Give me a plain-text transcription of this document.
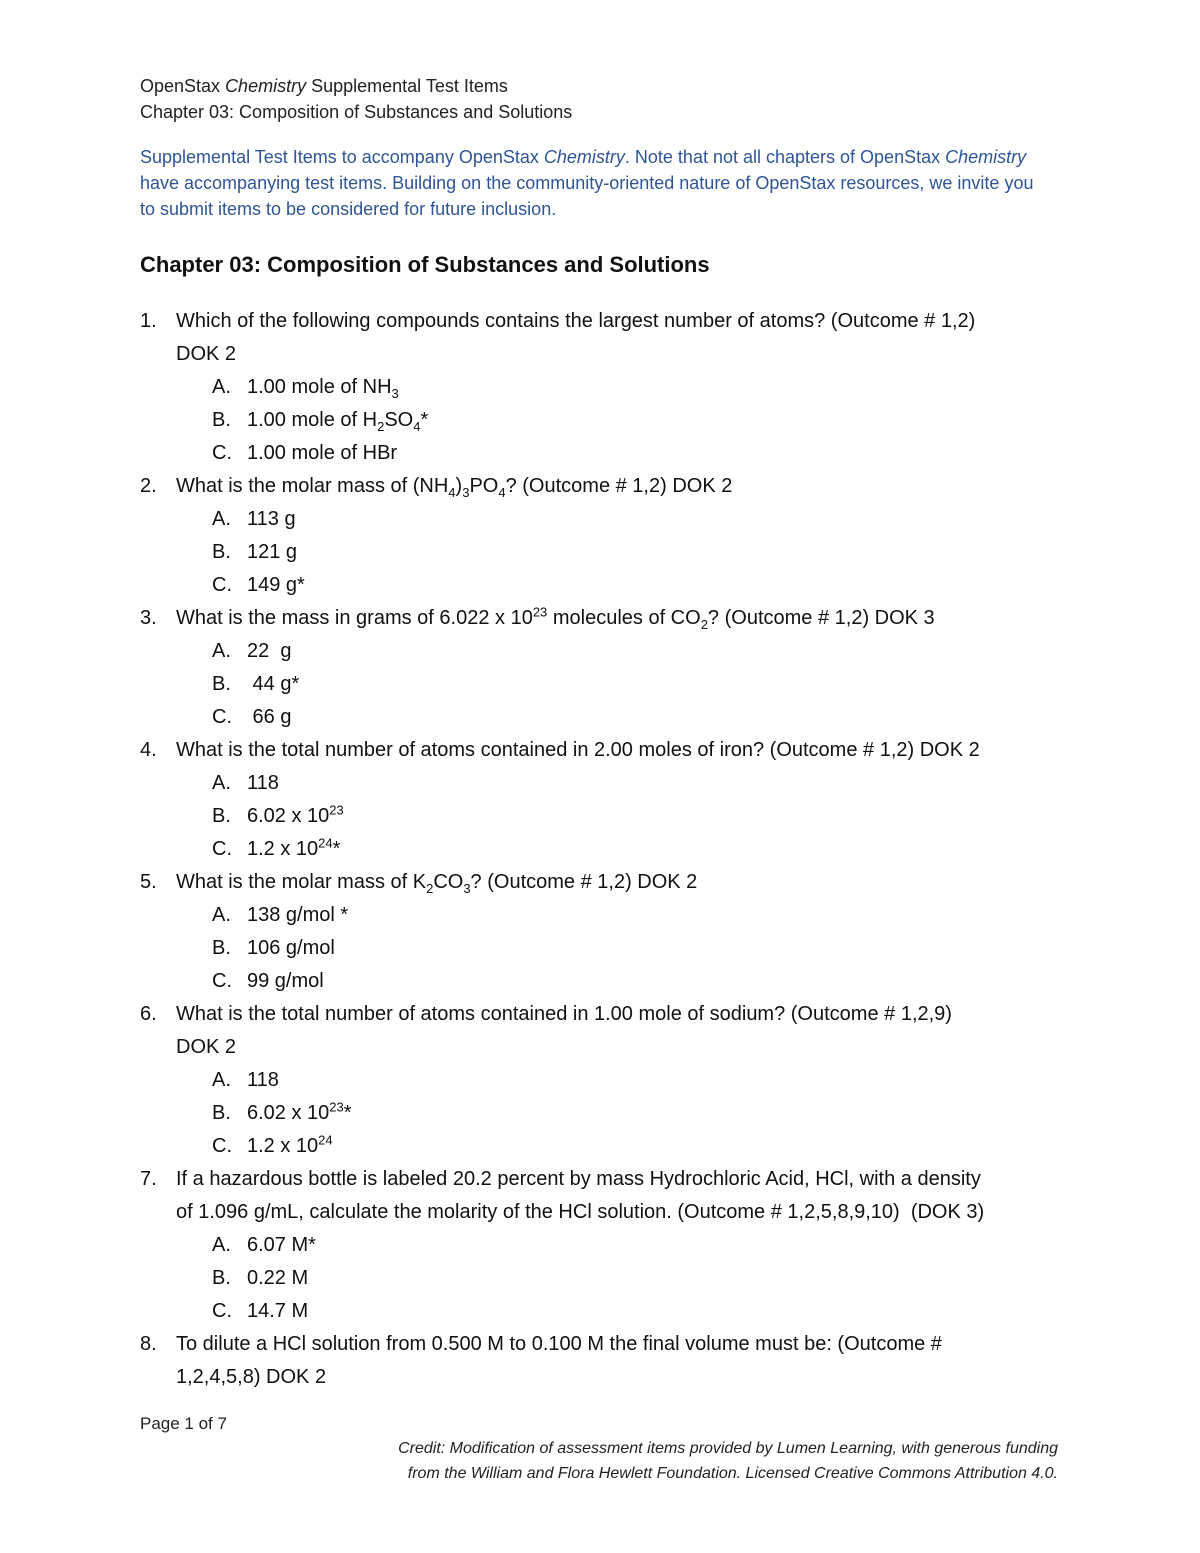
OpenStax Chemistry Supplemental Test Items
Chapter 03: Composition of Substances and Solutions
Supplemental Test Items to accompany OpenStax Chemistry. Note that not all chapters of OpenStax Chemistry have accompanying test items. Building on the community-oriented nature of OpenStax resources, we invite you to submit items to be considered for future inclusion.
Chapter 03: Composition of Substances and Solutions
1. Which of the following compounds contains the largest number of atoms? (Outcome # 1,2)
DOK 2
A. 1.00 mole of $NH_3$
B. 1.00 mole of $H_2SO_4*$
C. 1.00 mole of HBr
2. What is the molar mass of $(NH_4)_3PO_4$? (Outcome # 1,2) DOK 2
A. 113 g
B. 121 g
C. 149 g*
3. What is the mass in grams of 6.022 x $10^{23}$ molecules of $CO_2$? (Outcome # 1,2) DOK 3
A. 22  g
B. 44 g*
C. 66 g
4. What is the total number of atoms contained in 2.00 moles of iron? (Outcome # 1,2) DOK 2
A. 118
B. 6.02 x $10^{23}$
C. 1.2 x $10^{24}*$
5. What is the molar mass of $K_2CO_3$? (Outcome # 1,2) DOK 2
A. 138 g/mol *
B. 106 g/mol
C. 99 g/mol
6. What is the total number of atoms contained in 1.00 mole of sodium? (Outcome # 1,2,9)
DOK 2
A. 118
B. 6.02 x $10^{23}*$
C. 1.2 x $10^{24}$
7. If a hazardous bottle is labeled 20.2 percent by mass Hydrochloric Acid, HCl, with a density
of 1.096 g/mL, calculate the molarity of the HCl solution. (Outcome # 1,2,5,8,9,10)  (DOK 3)
A. 6.07 M*
B. 0.22 M
C. 14.7 M
8. To dilute a HCl solution from 0.500 M to 0.100 M the final volume must be: (Outcome #
1,2,4,5,8) DOK 2
Page 1 of 7
Credit: Modification of assessment items provided by Lumen Learning, with generous funding
from the William and Flora Hewlett Foundation. Licensed Creative Commons Attribution 4.0.
